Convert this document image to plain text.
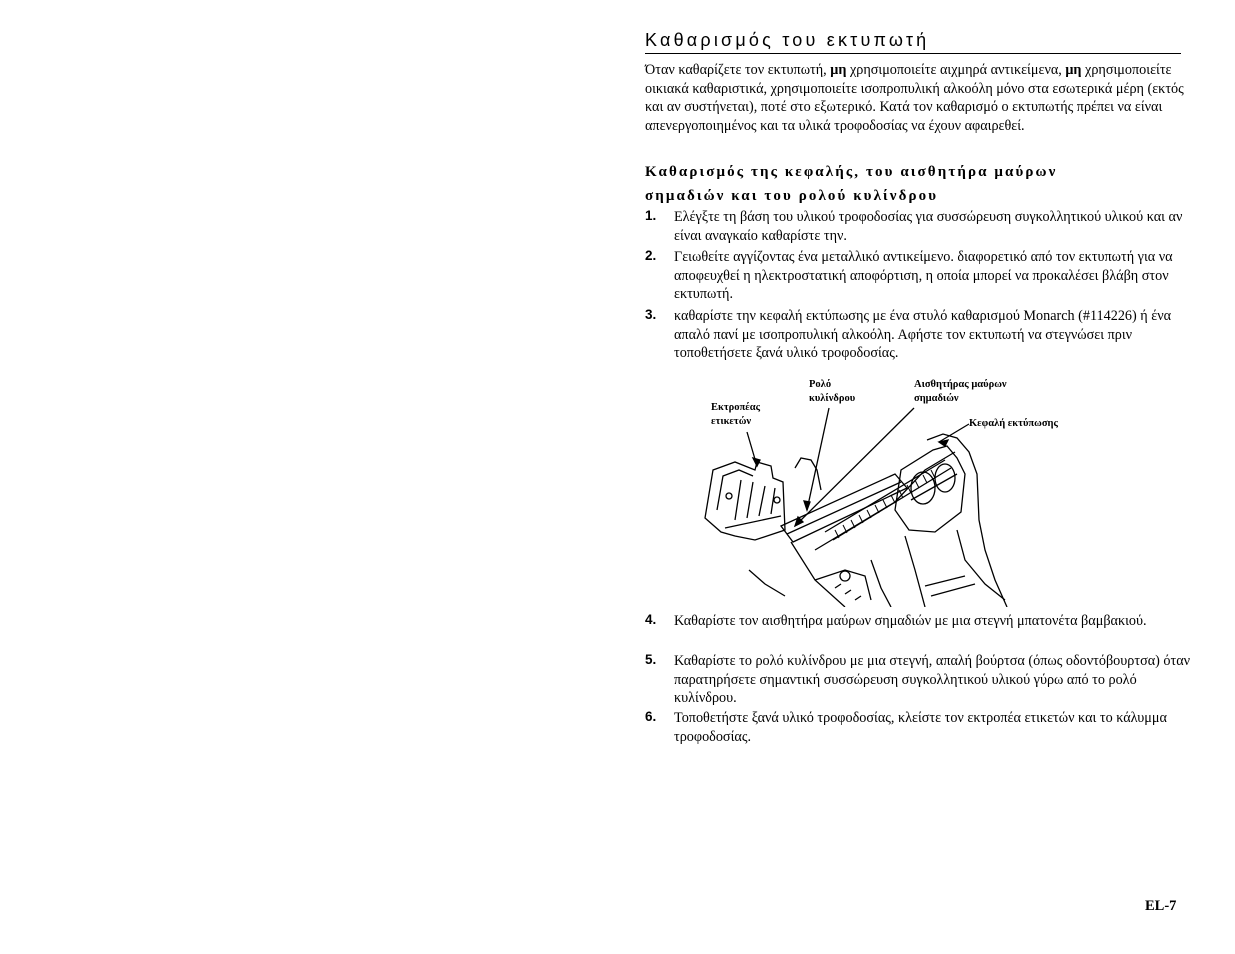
Καθαρισμός του εκτυπωτή

Όταν καθαρίζετε τον εκτυπωτή, μη χρησιμοποιείτε αιχμηρά αντικείμενα, μη χρησιμοποιείτε οικιακά καθαριστικά, χρησιμοποιείτε ισοπροπυλική αλκοόλη μόνο στα εσωτερικά μέρη (εκτός και αν συστήνεται), ποτέ στο εξωτερικό. Κατά τον καθαρισμό ο εκτυπωτής πρέπει να είναι απενεργοποιημένος και τα υλικά τροφοδοσίας να έχουν αφαιρεθεί.

Καθαρισμός της κεφαλής, του αισθητήρα μαύρων
σημαδιών και του ρολού κυλίνδρου
1. Ελέγξτε τη βάση του υλικού τροφοδοσίας για συσσώρευση συγκολλητικού υλικού και αν είναι αναγκαίο καθαρίστε την.
2. Γειωθείτε αγγίζοντας ένα μεταλλικό αντικείμενο. διαφορετικό από τον εκτυπωτή για να αποφευχθεί η ηλεκτροστατική αποφόρτιση, η οποία μπορεί να προκαλέσει βλάβη στον εκτυπωτή.
3. καθαρίστε την κεφαλή εκτύπωσης με ένα στυλό καθαρισμού Monarch (#114226) ή ένα απαλό πανί με ισοπροπυλική αλκοόλη. Αφήστε τον εκτυπωτή να στεγνώσει πριν τοποθετήσετε ξανά υλικό τροφοδοσίας.
Εκτροπέας
ετικετών
Ρολό
κυλίνδρου
Αισθητήρας μαύρων
σημαδιών
Κεφαλή εκτύπωσης
4. Καθαρίστε τον αισθητήρα μαύρων σημαδιών με μια στεγνή μπατονέτα βαμβακιού.
5. Καθαρίστε το ρολό κυλίνδρου με μια στεγνή, απαλή βούρτσα (όπως οδοντόβουρτσα) όταν παρατηρήσετε σημαντική συσσώρευση συγκολλητικού υλικού γύρω από το ρολό κυλίνδρου.
6. Τοποθετήστε ξανά υλικό τροφοδοσίας, κλείστε τον εκτροπέα ετικετών και το κάλυμμα τροφοδοσίας.
EL-7
